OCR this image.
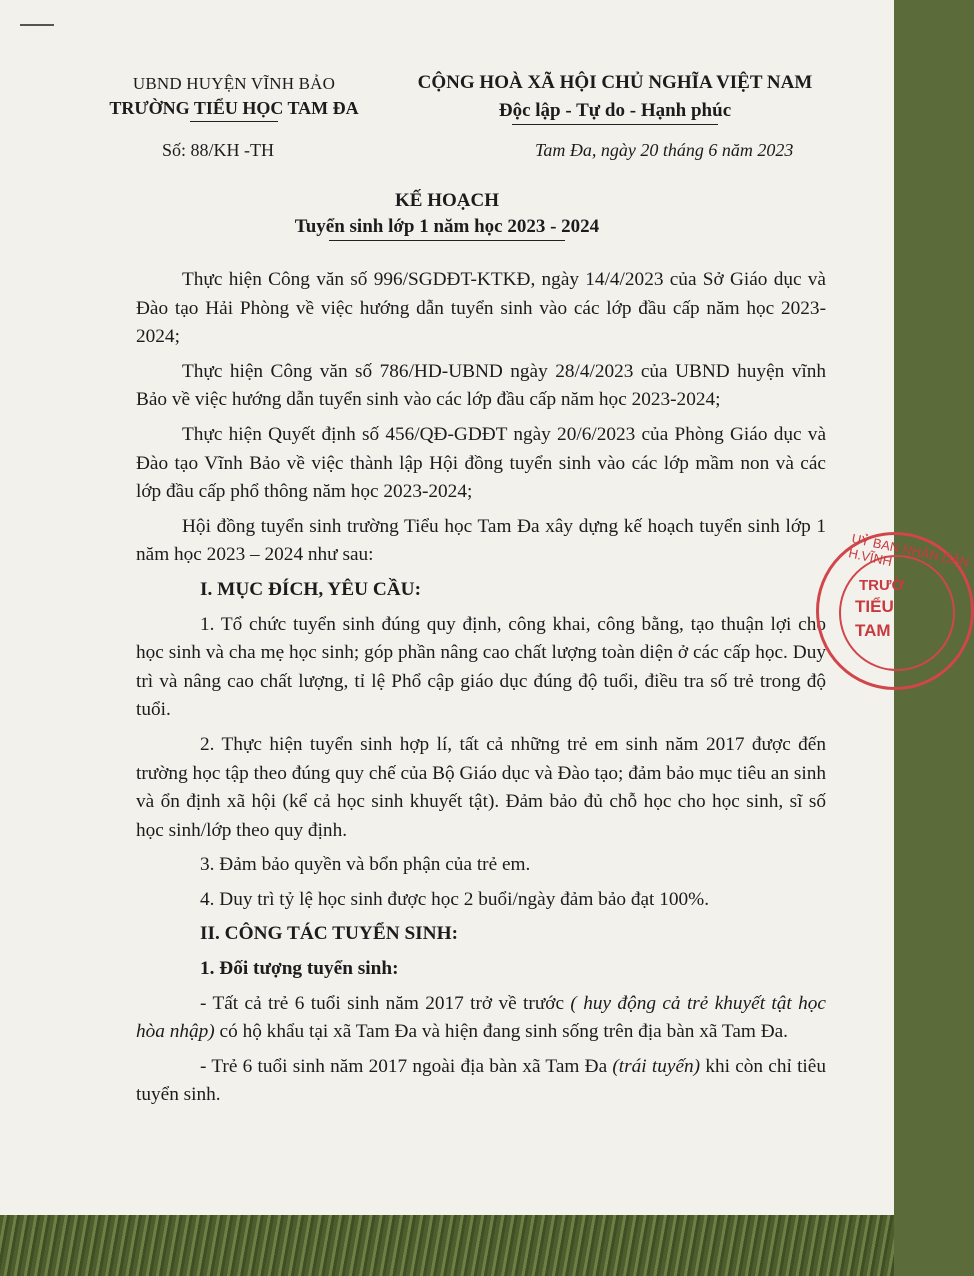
UBND HUYỆN VĨNH BẢO
TRƯỜNG TIỂU HỌC TAM ĐA
CỘNG HOÀ XÃ HỘI CHỦ NGHĨA VIỆT NAM
Độc lập - Tự do - Hạnh phúc
Số: 88/KH -TH	Tam Đa, ngày 20 tháng 6 năm 2023
KẾ HOẠCH
Tuyển sinh lớp 1 năm học 2023 - 2024

Thực hiện Công văn số 996/SGDĐT-KTKĐ, ngày 14/4/2023 của Sở Giáo dục và Đào tạo Hải Phòng về việc hướng dẫn tuyển sinh vào các lớp đầu cấp năm học 2023-2024;

Thực hiện Công văn số 786/HD-UBND ngày 28/4/2023 của UBND huyện vĩnh Bảo về việc hướng dẫn tuyển sinh vào các lớp đầu cấp năm học 2023-2024;

Thực hiện Quyết định số 456/QĐ-GDĐT ngày 20/6/2023 của Phòng Giáo dục và Đào tạo Vĩnh Bảo về việc thành lập Hội đồng tuyển sinh vào các lớp mầm non và các lớp đầu cấp phổ thông năm học 2023-2024;

Hội đồng tuyển sinh trường Tiểu học Tam Đa xây dựng kế hoạch tuyển sinh lớp 1 năm học 2023 – 2024 như sau:

I. MỤC ĐÍCH, YÊU CẦU:

1. Tổ chức tuyển sinh đúng quy định, công khai, công bằng, tạo thuận lợi cho học sinh và cha mẹ học sinh; góp phần nâng cao chất lượng toàn diện ở các cấp học. Duy trì và nâng cao chất lượng, tỉ lệ Phổ cập giáo dục đúng độ tuổi, điều tra số trẻ trong độ tuổi.

2. Thực hiện tuyển sinh hợp lí, tất cả những trẻ em sinh năm 2017 được đến trường học tập theo đúng quy chế của Bộ Giáo dục và Đào tạo; đảm bảo mục tiêu an sinh và ổn định xã hội (kể cả học sinh khuyết tật). Đảm bảo đủ chỗ học cho học sinh, sĩ số học sinh/lớp theo quy định.

3. Đảm bảo quyền và bổn phận của trẻ em.

4. Duy trì tỷ lệ học sinh được học 2 buổi/ngày đảm bảo đạt 100%.

II. CÔNG TÁC TUYỂN SINH:

1. Đối tượng tuyển sinh:

- Tất cả trẻ 6 tuổi sinh năm 2017 trở về trước ( huy động cả trẻ khuyết tật học hòa nhập) có hộ khẩu tại xã Tam Đa và hiện đang sinh sống trên địa bàn xã Tam Đa.

- Trẻ 6 tuổi sinh năm 2017 ngoài địa bàn xã Tam Đa (trái tuyến) khi còn chỉ tiêu tuyển sinh.

UỶ BAN NHÂN DÂN H.VĨNH
TRƯỜ
TIỂU
TAM
